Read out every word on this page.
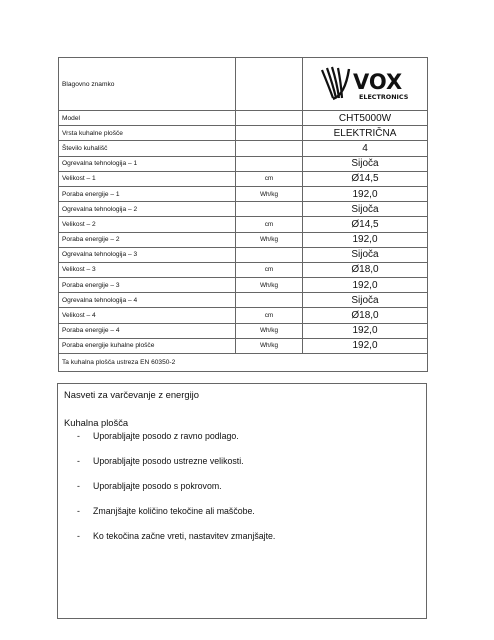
Blagovno znamko		VOX
ELECTRONICS

Model		CHT5000W
Vrsta kuhalne plošče		ELEKTRIČNA
Število kuhališč		4
Ogrevalna tehnologija – 1		Sijoča
Velikost – 1	cm	Ø14,5
Poraba energije – 1	Wh/kg	192,0
Ogrevalna tehnologija – 2		Sijoča
Velikost – 2	cm	Ø14,5
Poraba energije – 2	Wh/kg	192,0
Ogrevalna tehnologija – 3		Sijoča
Velikost – 3	cm	Ø18,0
Poraba energije – 3	Wh/kg	192,0
Ogrevalna tehnologija – 4		Sijoča
Velikost – 4	cm	Ø18,0
Poraba energije – 4	Wh/kg	192,0
Poraba energije kuhalne plošče	Wh/kg	192,0
Ta kuhalna plošča ustreza EN 60350-2		
Nasveti za varčevanje z energijo
Kuhalna plošča
-	Uporabljajte posodo z ravno podlago.
-	Uporabljajte posodo ustrezne velikosti.
-	Uporabljajte posodo s pokrovom.
-	Zmanjšajte količino tekočine ali maščobe.
-	Ko tekočina začne vreti, nastavitev zmanjšajte.
